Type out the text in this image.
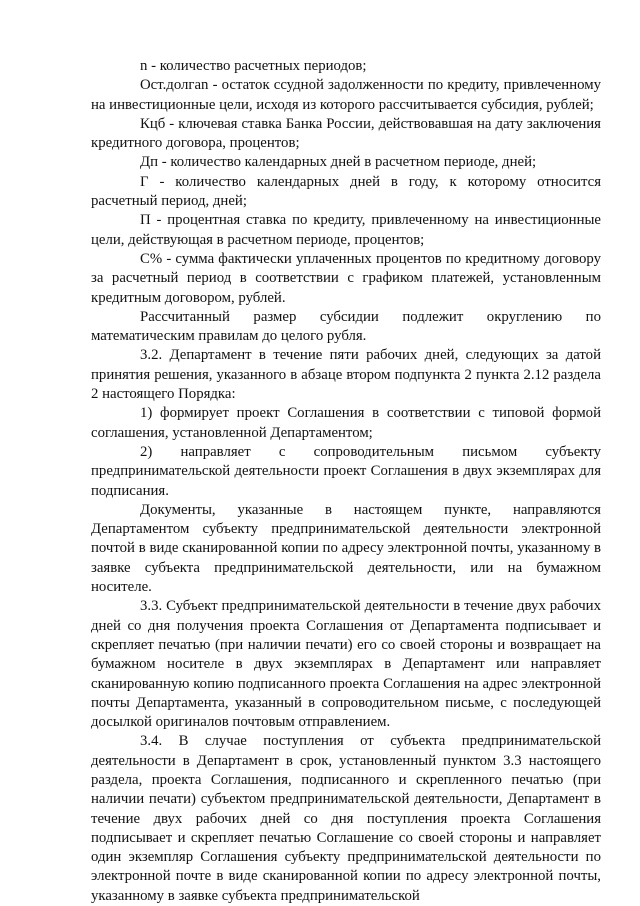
n - количество расчетных периодов;

Ост.долгаn - остаток ссудной задолженности по кредиту, привлеченному на инвестиционные цели, исходя из которого рассчитывается субсидия, рублей;

Кцб - ключевая ставка Банка России, действовавшая на дату заключения кредитного договора, процентов;

Дп - количество календарных дней в расчетном периоде, дней;

Г - количество календарных дней в году, к которому относится расчетный период, дней;

П - процентная ставка по кредиту, привлеченному на инвестиционные цели, действующая в расчетном периоде, процентов;

С% - сумма фактически уплаченных процентов по кредитному договору за расчетный период в соответствии с графиком платежей, установленным кредитным договором, рублей.

Рассчитанный размер субсидии подлежит округлению по математическим правилам до целого рубля.

3.2. Департамент в течение пяти рабочих дней, следующих за датой принятия решения, указанного в абзаце втором подпункта 2 пункта 2.12 раздела 2 настоящего Порядка:

1) формирует проект Соглашения в соответствии с типовой формой соглашения, установленной Департаментом;

2) направляет с сопроводительным письмом субъекту предпринимательской деятельности проект Соглашения в двух экземплярах для подписания.

Документы, указанные в настоящем пункте, направляются Департаментом субъекту предпринимательской деятельности электронной почтой в виде сканированной копии по адресу электронной почты, указанному в заявке субъекта предпринимательской деятельности, или на бумажном носителе.

3.3. Субъект предпринимательской деятельности в течение двух рабочих дней со дня получения проекта Соглашения от Департамента подписывает и скрепляет печатью (при наличии печати) его со своей стороны и возвращает на бумажном носителе в двух экземплярах в Департамент или направляет сканированную копию подписанного проекта Соглашения на адрес электронной почты Департамента, указанный в сопроводительном письме, с последующей досылкой оригиналов почтовым отправлением.

3.4. В случае поступления от субъекта предпринимательской деятельности в Департамент в срок, установленный пунктом 3.3 настоящего раздела, проекта Соглашения, подписанного и скрепленного печатью (при наличии печати) субъектом предпринимательской деятельности, Департамент в течение двух рабочих дней со дня поступления проекта Соглашения подписывает и скрепляет печатью Соглашение со своей стороны и направляет один экземпляр Соглашения субъекту предпринимательской деятельности по электронной почте в виде сканированной копии по адресу электронной почты, указанному в заявке субъекта предпринимательской
